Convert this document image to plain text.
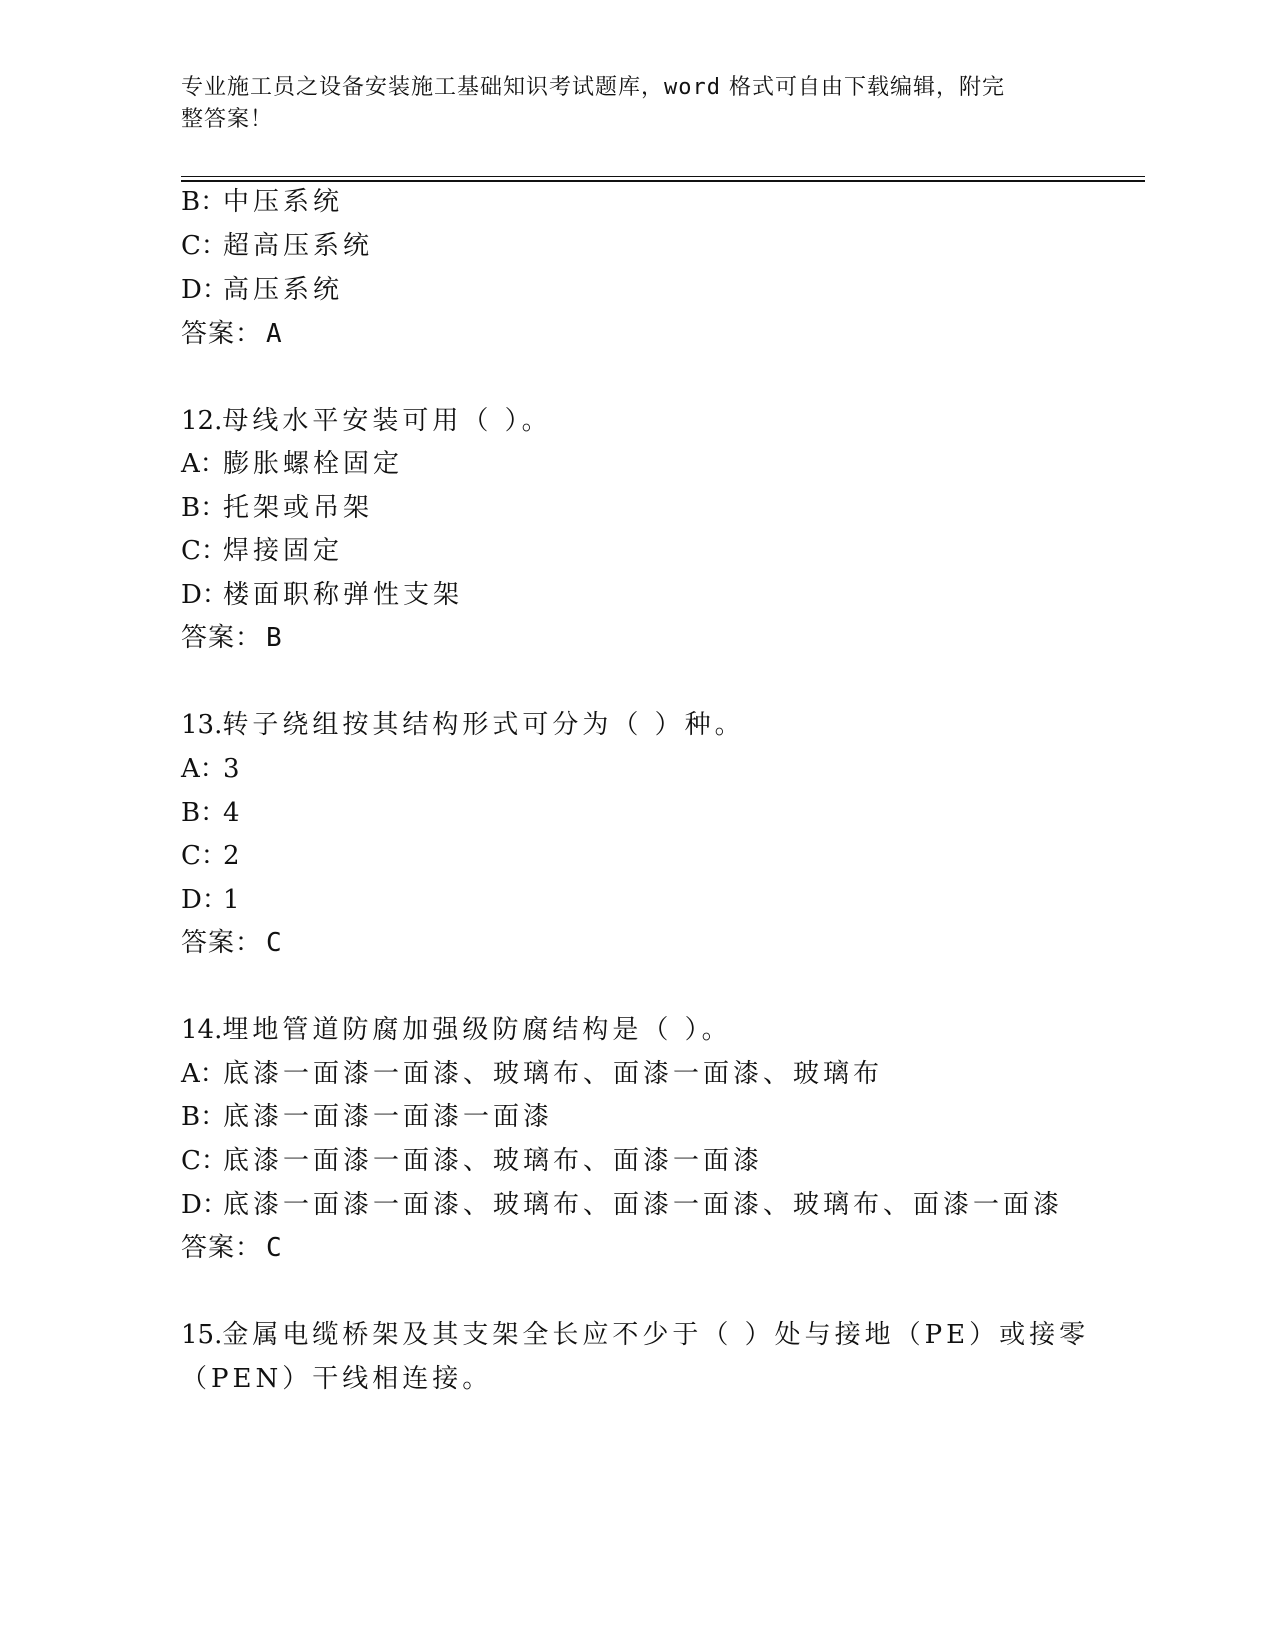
专业施工员之设备安装施工基础知识考试题库，word 格式可自由下载编辑，附完
整答案！
B：中压系统
C：超高压系统
D：高压系统
答案： A
12.母线水平安装可用（ ）。
A：膨胀螺栓固定
B：托架或吊架
C：焊接固定
D：楼面职称弹性支架
答案： B
13.转子绕组按其结构形式可分为（ ）种。
A：3
B：4
C：2
D：1
答案： C
14.埋地管道防腐加强级防腐结构是（ ）。
A：底漆一面漆一面漆、玻璃布、面漆一面漆、玻璃布
B：底漆一面漆一面漆一面漆
C：底漆一面漆一面漆、玻璃布、面漆一面漆
D：底漆一面漆一面漆、玻璃布、面漆一面漆、玻璃布、面漆一面漆
答案： C
15.金属电缆桥架及其支架全长应不少于（ ）处与接地（PE）或接零
（PEN）干线相连接。
